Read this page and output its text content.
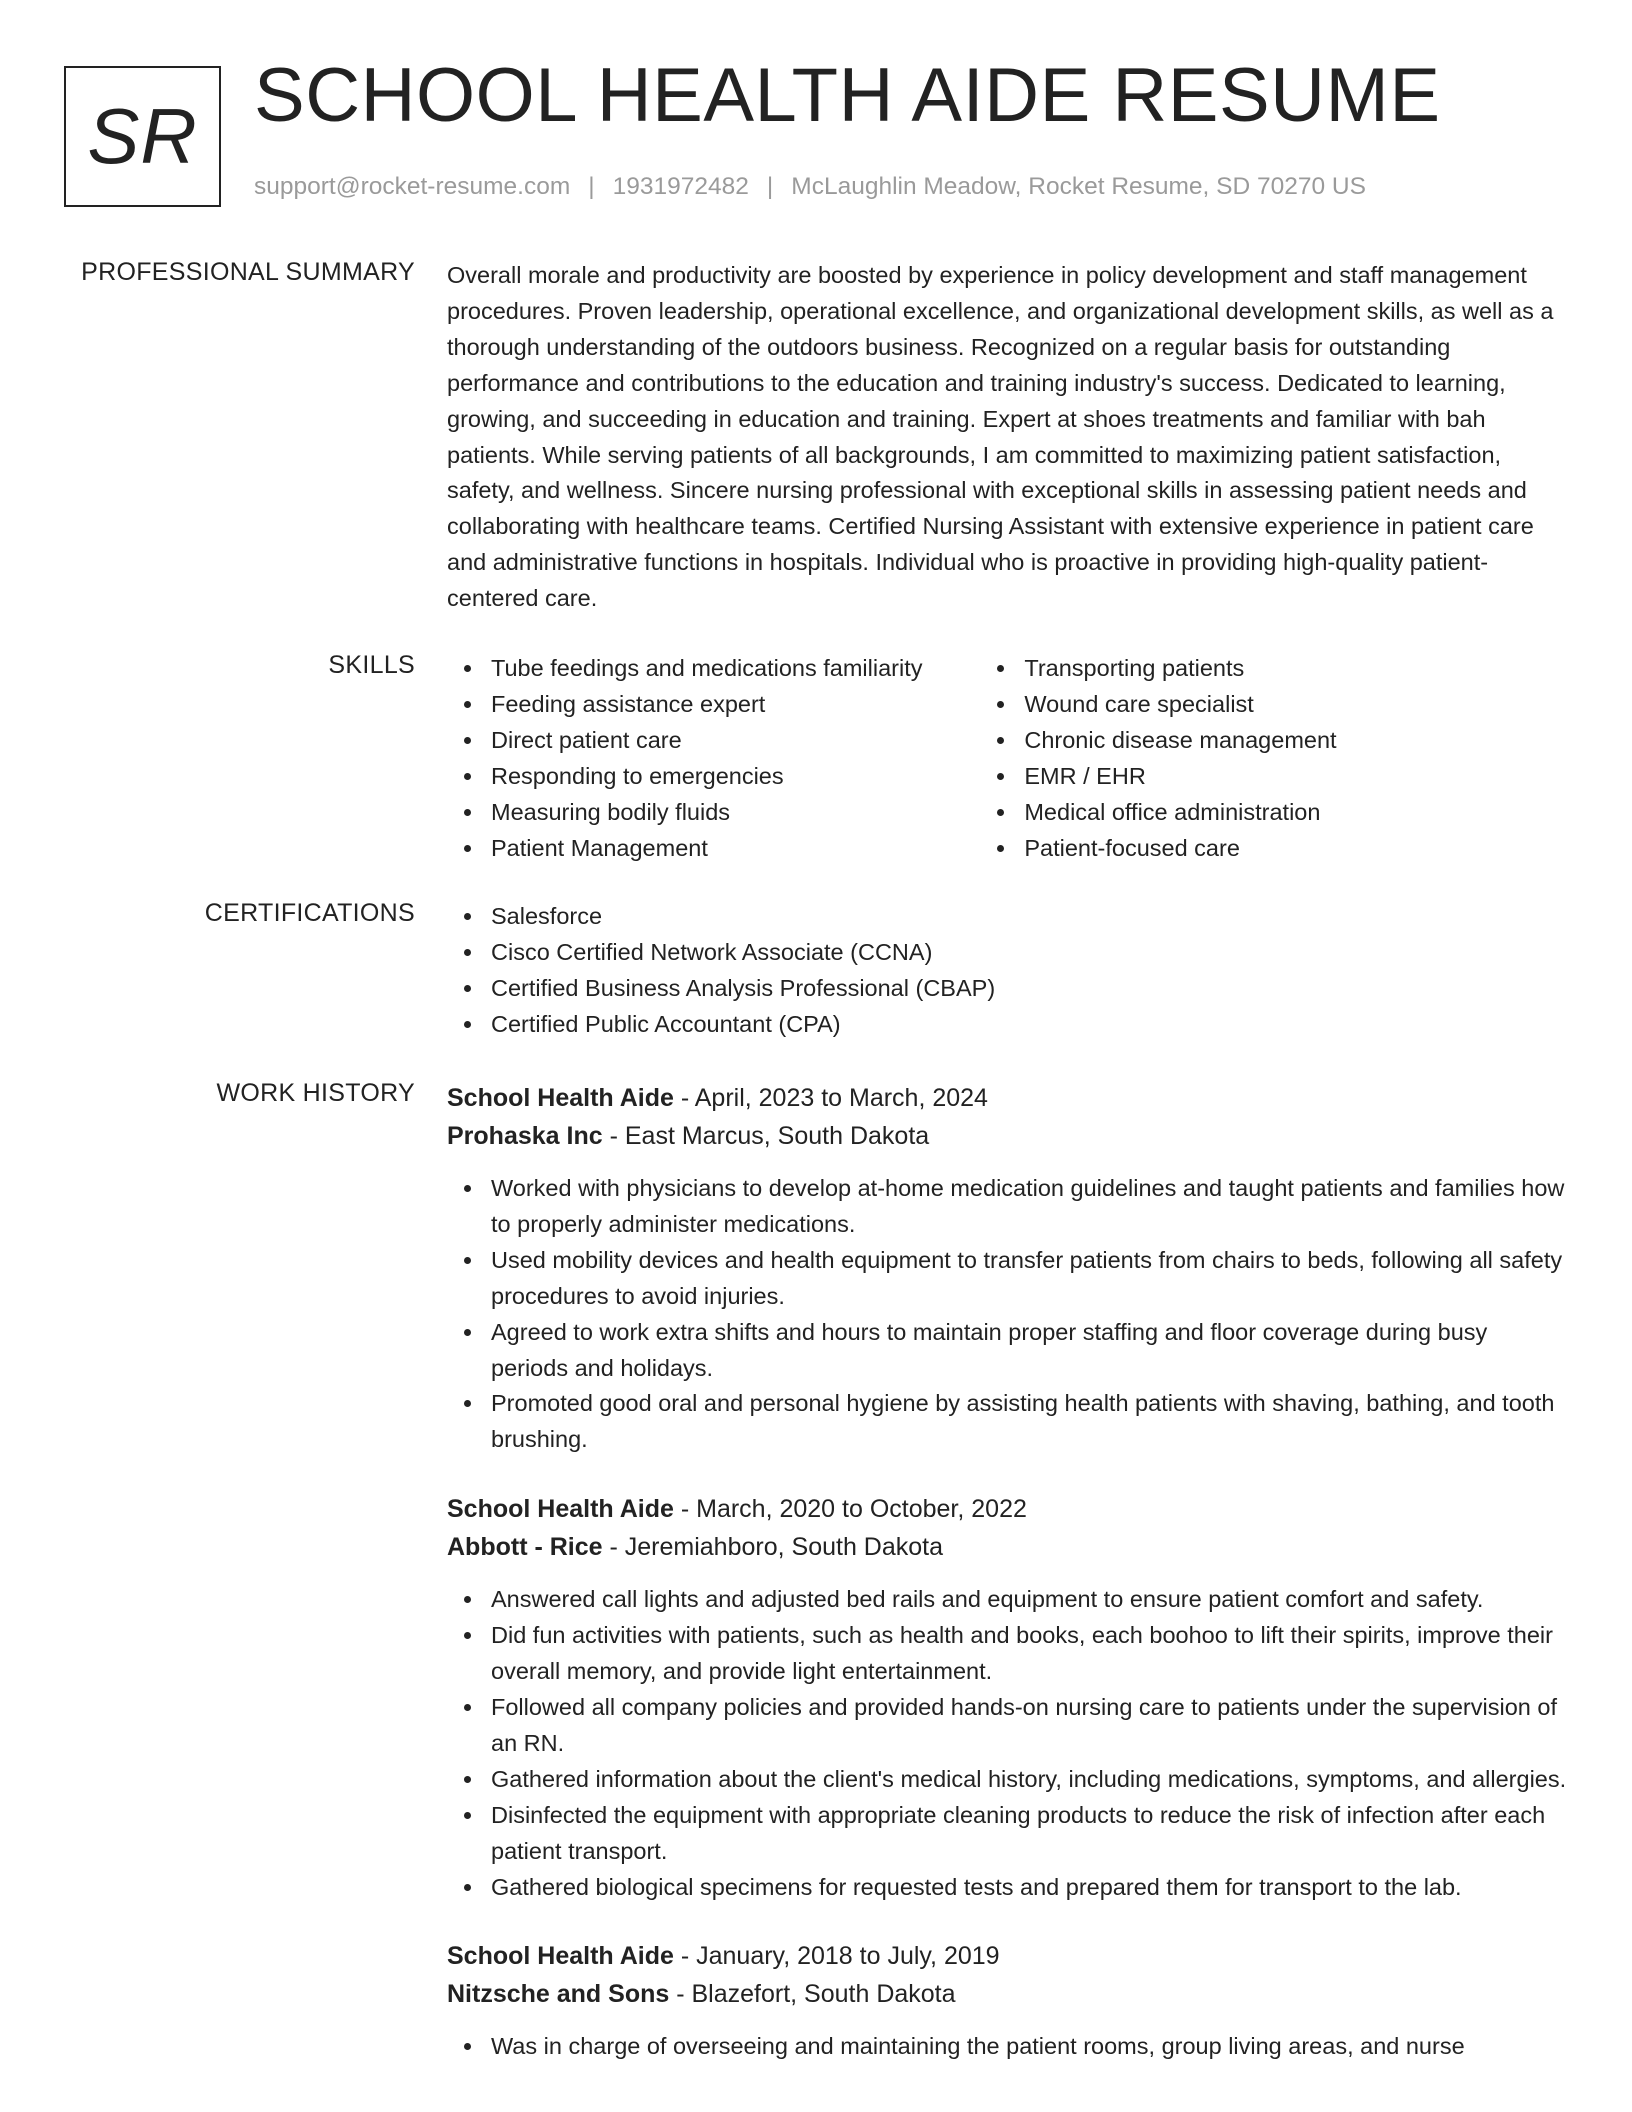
SR SCHOOL HEALTH AIDE RESUME
support@rocket-resume.com | 1931972482 | McLaughlin Meadow, Rocket Resume, SD 70270 US
PROFESSIONAL SUMMARY Overall morale and productivity are boosted by experience in policy development and staff management procedures. Proven leadership, operational excellence, and organizational development skills, as well as a thorough understanding of the outdoors business. Recognized on a regular basis for outstanding performance and contributions to the education and training industry's success. Dedicated to learning, growing, and succeeding in education and training. Expert at shoes treatments and familiar with bah patients. While serving patients of all backgrounds, I am committed to maximizing patient satisfaction, safety, and wellness. Sincere nursing professional with exceptional skills in assessing patient needs and collaborating with healthcare teams. Certified Nursing Assistant with extensive experience in patient care and administrative functions in hospitals. Individual who is proactive in providing high-quality patient-centered care.

SKILLS	Tube feedings and medications familiarity
Feeding assistance expert
Direct patient care
Responding to emergencies
Measuring bodily fluids
Patient Management
Transporting patients
Wound care specialist
Chronic disease management
EMR / EHR
Medical office administration
Patient-focused care
CERTIFICATIONS	Salesforce
Cisco Certified Network Associate (CCNA)
Certified Business Analysis Professional (CBAP)
Certified Public Accountant (CPA)
WORK HISTORY School Health Aide - April, 2023 to March, 2024
Prohaska Inc - East Marcus, South Dakota
Worked with physicians to develop at-home medication guidelines and taught patients and families how to properly administer medications.
Used mobility devices and health equipment to transfer patients from chairs to beds, following all safety procedures to avoid injuries.
Agreed to work extra shifts and hours to maintain proper staffing and floor coverage during busy periods and holidays.
Promoted good oral and personal hygiene by assisting health patients with shaving, bathing, and tooth brushing.
School Health Aide - March, 2020 to October, 2022
Abbott - Rice - Jeremiahboro, South Dakota
Answered call lights and adjusted bed rails and equipment to ensure patient comfort and safety.
Did fun activities with patients, such as health and books, each boohoo to lift their spirits, improve their overall memory, and provide light entertainment.
Followed all company policies and provided hands-on nursing care to patients under the supervision of an RN.
Gathered information about the client's medical history, including medications, symptoms, and allergies.
Disinfected the equipment with appropriate cleaning products to reduce the risk of infection after each patient transport.
Gathered biological specimens for requested tests and prepared them for transport to the lab.
School Health Aide - January, 2018 to July, 2019
Nitzsche and Sons - Blazefort, South Dakota
Was in charge of overseeing and maintaining the patient rooms, group living areas, and nurse
